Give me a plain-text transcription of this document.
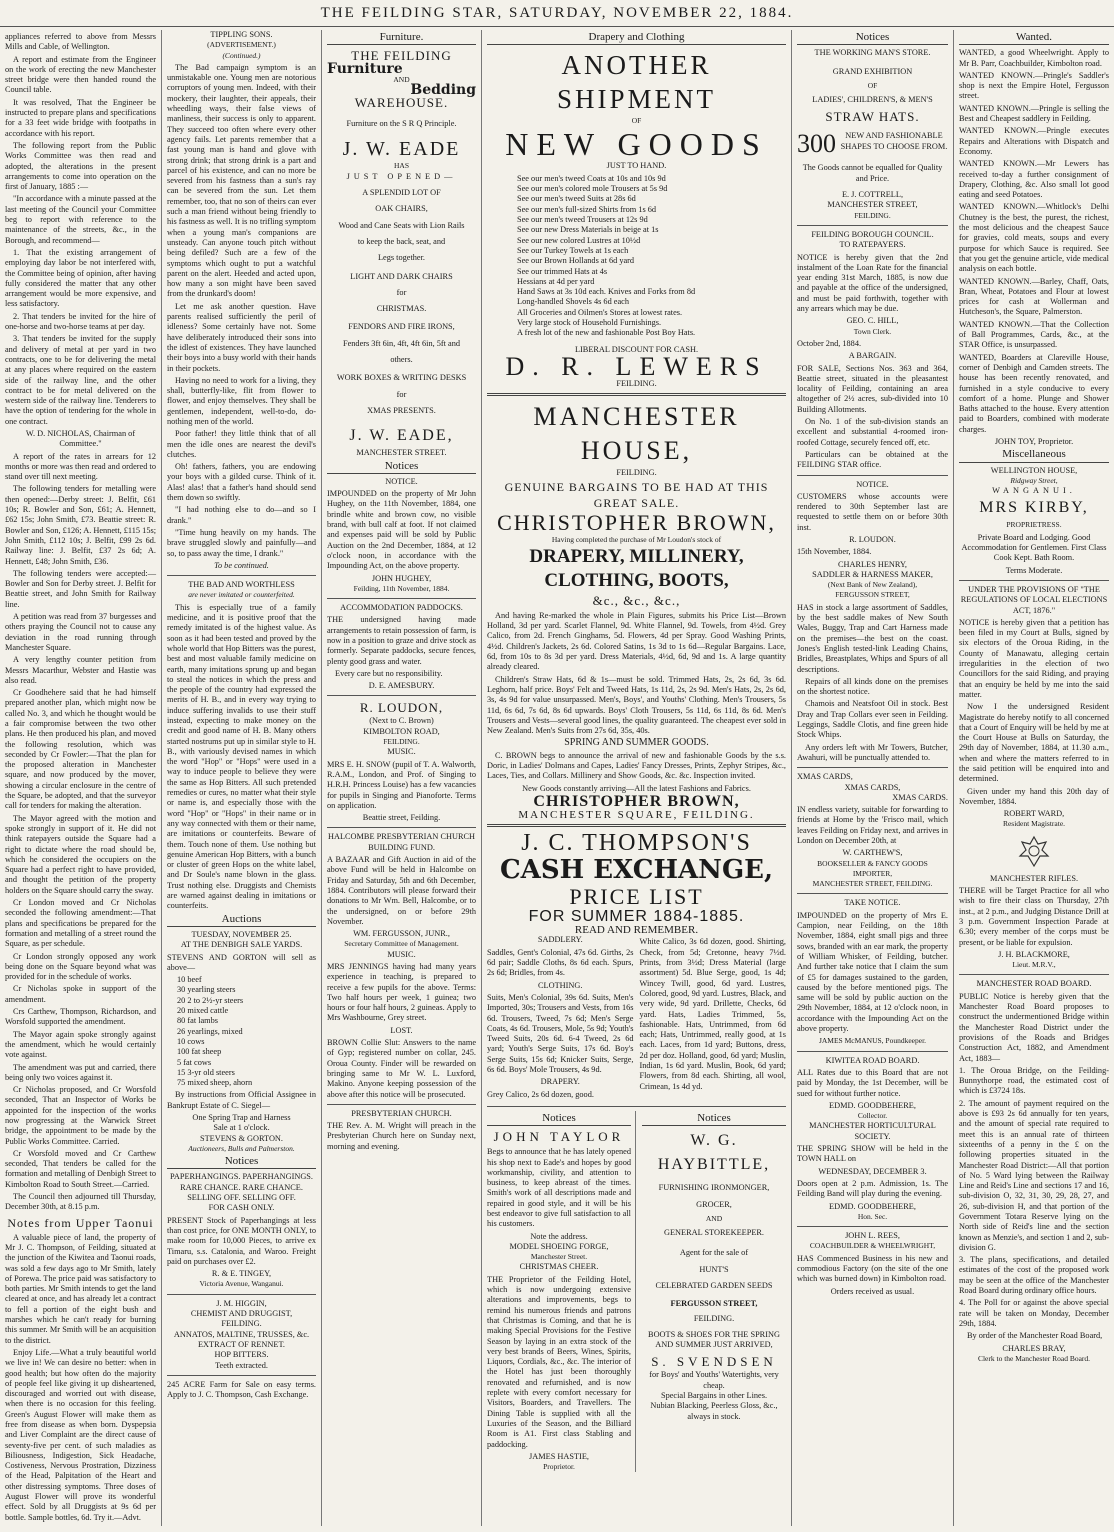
THE FEILDING STAR, SATURDAY, NOVEMBER 22, 1884.

appliances referred to above from Messrs Mills and Cable, of Wellington.

A report and estimate from the Engineer on the work of erecting the new Manchester street bridge were then handed round the Council table.

It was resolved, That the Engineer be instructed to prepare plans and specifications for a 33 feet wide bridge with footpaths in accordance with his report.

The following report from the Public Works Committee was then read and adopted, the alterations in the present arrangements to come into operation on the first of January, 1885 :—

"In accordance with a minute passed at the last meeting of the Council your Committee beg to report with reference to the maintenance of the streets, &c., in the Borough, and recommend—

1. That the existing arrangement of employing day labor be not interfered with, the Committee being of opinion, after having fully considered the matter that any other arrangement would be more expensive, and less satisfactory.

2. That tenders be invited for the hire of one-horse and two-horse teams at per day.

3. That tenders be invited for the supply and delivery of metal at per yard in two contracts, one to be for delivering the metal at any places where required on the eastern side of the railway line, and the other contract to be for metal delivered on the western side of the railway line. Tenderers to have the option of tendering for the whole in one contract.

W. D. NICHOLAS, Chairman of Committee."

A report of the rates in arrears for 12 months or more was then read and ordered to stand over till next meeting.

The following tenders for metalling were then opened:—Derby street: J. Belfit, £61 10s; R. Bowler and Son, £61; A. Hennett, £62 15s; John Smith, £73. Beattie street: R. Bowler and Son, £126; A. Hennett, £115 15s; John Smith, £112 10s; J. Belfit, £99 2s 6d. Railway line: J. Belfit, £37 2s 6d; A. Hennett, £48; John Smith, £36.

The following tenders were accepted:—Bowler and Son for Derby street. J. Belfit for Beattie street, and John Smith for Railway line.

A petition was read from 37 burgesses and others praying the Council not to cause any deviation in the road running through Manchester Square.

A very lengthy counter petition from Messrs Macarthur, Webster and Hastie was also read.

Cr Goodhehere said that he had himself prepared another plan, which might now be called No. 3, and which he thought would be a fair compromise between the two other plans. He then produced his plan, and moved the following resolution, which was seconded by Cr Fowler:—That the plan for the proposed alteration in Manchester square, and now produced by the mover, showing a circular enclosure in the centre of the Square, be adopted, and that the surveyor call for tenders for making the alteration.

The Mayor agreed with the motion and spoke strongly in support of it. He did not think ratepayers outside the Square had a right to dictate where the road should be, which he considered the occupiers on the Square had a perfect right to have provided, and thought the petition of the property holders on the Square should carry the sway.

Cr London moved and Cr Nicholas seconded the following amendment:—That plans and specifications be prepared for the formation and metalling of a street round the Square, as per schedule.

Cr London strongly opposed any work being done on the Square beyond what was provided for in the schedule of works.

Cr Nicholas spoke in support of the amendment.

Crs Carthew, Thompson, Richardson, and Worsfold supported the amendment.

The Mayor again spoke strongly against the amendment, which he would certainly vote against.

The amendment was put and carried, there being only two voices against it.

Cr Nicholas proposed, and Cr Worsfold seconded, That an Inspector of Works be appointed for the inspection of the works now progressing at the Warwick Street bridge, the appointment to be made by the Public Works Committee. Carried.

Cr Worsfold moved and Cr Carthew seconded, That tenders be called for the formation and metalling of Denbigh Street to Kimbolton Road to South Street.—Carried.

The Council then adjourned till Thursday, December 30th, at 8.15 p.m.

Notes from Upper Taonui

A valuable piece of land, the property of Mr J. C. Thompson, of Feilding, situated at the junction of the Kiwitea and Taonui roads, was sold a few days ago to Mr Smith, lately of Porewa. The price paid was satisfactory to both parties. Mr Smith intends to get the land cleared at once, and has already let a contract to fell a portion of the eight bush and marshes which he can't ready for burning this summer. Mr Smith will be an acquisition to the district.

Enjoy Life.—What a truly beautiful world we live in! We can desire no better: when in good health; but how often do the majority of people feel like giving it up disheartened, discouraged and worried out with disease, when there is no occasion for this feeling. Green's August Flower will make them as free from disease as when born. Dyspepsia and Liver Complaint are the direct cause of seventy-five per cent. of such maladies as Biliousness, Indigestion, Sick Headache, Costiveness, Nervous Prostration, Dizziness of the Head, Palpitation of the Heart and other distressing symptoms. Three doses of August Flower will prove its wonderful effect. Sold by all Druggists at 9s 6d per bottle. Sample bottles, 6d. Try it.—Advt.

TIPPLING SONS.
(ADVERTISEMENT.)
(Continued.)

The Bad campaign symptom is an unmistakable one. Young men are notorious corruptors of young men. Indeed, with their mockery, their laughter, their appeals, their wheedling ways, their false views of manliness, their success is only to apparent. They succeed too often where every other agency fails. Let parents remember that a fast young man is hand and glove with strong drink; that strong drink is a part and parcel of his existence, and can no more be severed from his fastness than a sun's ray can be severed from the sun. Let them remember, too, that no son of theirs can ever such a man friend without being friendly to his fastness as well. It is no trifling symptom when a young man's companions are unsteady. Can anyone touch pitch without being defiled? Such are a few of the symptoms which ought to put a watchful parent on the alert. Heeded and acted upon, how many a son might have been saved from the drunkard's doom!

Let me ask another question. Have parents realised sufficiently the peril of idleness? Some certainly have not. Some have deliberately introduced their sons into the idlest of existences. They have launched their boys into a busy world with their hands in their pockets.

Having no need to work for a living, they shall, butterfly-like, flit from flower to flower, and enjoy themselves. They shall be gentlemen, independent, well-to-do, do-nothing men of the world.

Poor father! they little think that of all men the idle ones are nearest the devil's clutches.

Oh! fathers, fathers, you are endowing your boys with a gilded curse. Think of it. Alas! alas! that a father's hand should send them down so swiftly.

"I had nothing else to do—and so I drank."

"Time hung heavily on my hands. The brave struggled slowly and painfully—and so, to pass away the time, I drank."

To be continued.
THE BAD AND WORTHLESS
are never imitated or counterfeited.

This is especially true of a family medicine, and it is positive proof that the remedy imitated is of the highest value. As soon as it had been tested and proved by the whole world that Hop Bitters was the purest, best and most valuable family medicine on earth, many imitations sprung up and began to steal the notices in which the press and the people of the country had expressed the merits of H. B., and in every way trying to induce suffering invalids to use their stuff instead, expecting to make money on the credit and good name of H. B. Many others started nostrums put up in similar style to H. B., with variously devised names in which the word "Hop" or "Hops" were used in a way to induce people to believe they were the same as Hop Bitters. All such pretended remedies or cures, no matter what their style or name is, and especially those with the word "Hop" or "Hops" in their name or in any way connected with them or their name, are imitations or counterfeits. Beware of them. Touch none of them. Use nothing but genuine American Hop Bitters, with a bunch or cluster of green Hops on the white label, and Dr Soule's name blown in the glass. Trust nothing else. Druggists and Chemists are warned against dealing in imitations or counterfeits.

Auctions
TUESDAY, NOVEMBER 25.
AT THE DENBIGH SALE YARDS.

STEVENS AND GORTON will sell as above—

10 beef
30 yearling steers
20 2 to 2½-yr steers
20 mixed cattle
80 fat lambs
26 yearlings, mixed
10 cows
100 fat sheep
5 fat cows
15 3-yr old steers
75 mixed sheep, ahorn

By instructions from Official Assignee in Bankrupt Estate of C. Siegel—

One Spring Trap and Harness
Sale at 1 o'clock.
STEVENS & GORTON.
Auctioneers, Bulls and Palmerston.
Notices
PAPERHANGINGS. PAPERHANGINGS.
RARE CHANCE. RARE CHANCE.
SELLING OFF. SELLING OFF.
FOR CASH ONLY.

PRESENT Stock of Paperhangings at less than cost price, for ONE MONTH ONLY, to make room for 10,000 Pieces, to arrive ex Timaru, s.s. Catalonia, and Waroo. Freight paid on purchases over £2.

R. & E. TINGEY,
Victoria Avenue, Wanganui.
J. M. HIGGIN,
CHEMIST AND DRUGGIST,
FEILDING.
ANNATOS, MALTINE, TRUSSES, &c.
EXTRACT OF RENNET.
HOP BITTERS.
Teeth extracted.

245 ACRE Farm for Sale on easy terms. Apply to J. C. Thompson, Cash Exchange.

Furniture.
THE FEILDING
Furniture
AND
Bedding
WAREHOUSE.
Furniture on the S R Q Principle.
J. W. EADE
HAS
JUST OPENED—
A SPLENDID LOT OF
OAK CHAIRS,
Wood and Cane Seats with Lion Rails
to keep the back, seat, and
Legs together.
LIGHT AND DARK CHAIRS
for
CHRISTMAS.
FENDORS AND FIRE IRONS,
Fenders 3ft 6in, 4ft, 4ft 6in, 5ft and
others.
WORK BOXES & WRITING DESKS
for
XMAS PRESENTS.
J. W. EADE,
MANCHESTER STREET.
Notices
NOTICE.

IMPOUNDED on the property of Mr John Hughey, on the 11th November, 1884, one brindle white and brown cow, no visible brand, with bull calf at foot. If not claimed and expenses paid will be sold by Public Auction on the 2nd December, 1884, at 12 o'clock noon, in accordance with the Impounding Act, on the above property.

JOHN HUGHEY,
Feilding, 11th November, 1884.
ACCOMMODATION PADDOCKS.

THE undersigned having made arrangements to retain possession of farm, is now in a position to graze and drive stock as formerly. Separate paddocks, secure fences, plenty good grass and water.

Every care but no responsibility.

D. E. AMESBURY.
R. LOUDON,
(Next to C. Brown)
KIMBOLTON ROAD,
FEILDING.
MUSIC.

MRS E. H. SNOW (pupil of T. A. Walworth, R.A.M., London, and Prof. of Singing to H.R.H. Princess Louise) has a few vacancies for pupils in Singing and Pianoforte. Terms on application.

Beattie street, Feilding.
HALCOMBE PRESBYTERIAN CHURCH BUILDING FUND.

A BAZAAR and Gift Auction in aid of the above Fund will be held in Halcombe on Friday and Saturday, 5th and 6th December, 1884. Contributors will please forward their donations to Mr Wm. Bell, Halcombe, or to the undersigned, on or before 29th November.

WM. FERGUSSON, JUNR.,
Secretary Committee of Management.
MUSIC.

MRS JENNINGS having had many years experience in teaching, is prepared to receive a few pupils for the above. Terms: Two half hours per week, 1 guinea; two hours or four half hours, 2 guineas. Apply to Mrs Washbourne, Grey street.

LOST.

BROWN Collie Slut: Answers to the name of Gyp; registered number on collar, 245. Oroua County. Finder will be rewarded on bringing same to Mr W. L. Luxford, Makino. Anyone keeping possession of the above after this notice will be prosecuted.

PRESBYTERIAN CHURCH.

THE Rev. A. M. Wright will preach in the Presbyterian Church here on Sunday next, morning and evening.

Drapery and Clothing
ANOTHER SHIPMENT
OF
NEW GOODS
JUST TO HAND.
See our men's tweed Coats at 10s and 10s 9d
See our men's colored mole Trousers at 5s 9d
See our men's tweed Suits at 28s 6d
See our men's full-sized Shirts from 1s 6d
See our men's tweed Trousers at 12s 9d
See our new Dress Materials in beige at 1s
See our new colored Lustres at 10½d
See our Turkey Towels at 1s each
See our Brown Hollands at 6d yard
See our trimmed Hats at 4s
Hessians at 4d per yard
Hand Saws at 3s 10d each. Knives and Forks from 8d
Long-handled Shovels 4s 6d each
All Groceries and Oilmen's Stores at lowest rates.
Very large stock of Household Furnishings.
A fresh lot of the new and fashionable Post Boy Hats.
LIBERAL DISCOUNT FOR CASH.
D. R. LEWERS
FEILDING.
MANCHESTER HOUSE,
FEILDING.
GENUINE BARGAINS TO BE HAD AT THIS GREAT SALE.
CHRISTOPHER BROWN,
Having completed the purchase of Mr Loudon's stock of
DRAPERY, MILLINERY, CLOTHING, BOOTS,
&c., &c., &c.,

And having Re-marked the whole in Plain Figures, submits his Price List—Brown Holland, 3d per yard. Scarlet Flannel, 9d. White Flannel, 9d. Towels, from 4½d. Grey Calico, from 2d. French Ginghams, 5d. Flowers, 4d per Spray. Good Washing Prints, 4½d. Children's Jackets, 2s 6d. Colored Satins, 1s 3d to 1s 6d—Regular Bargains. Lace, 6d, from 10s to 8s 3d per yard. Dress Materials, 4½d, 6d, 9d and 1s. A large quantity already cleared.

Children's Straw Hats, 6d & 1s—must be sold. Trimmed Hats, 2s, 2s 6d, 3s 6d. Leghorn, half price. Boys' Felt and Tweed Hats, 1s 11d, 2s, 2s 9d. Men's Hats, 2s, 2s 6d, 3s, 4s 9d for value unsurpassed. Men's, Boys', and Youths' Clothing. Men's Trousers, 5s 11d, 6s 6d, 7s 6d, 8s 6d upwards. Boys' Cloth Trousers, 5s 11d, 6s 11d, 8s 6d. Men's Trousers and Vests—several good lines, the quality guaranteed. The cheapest ever sold in New Zealand. Men's Suits from 27s 6d, 35s, 40s.

SPRING AND SUMMER GOODS.

C. BROWN begs to announce the arrival of new and fashionable Goods by the s.s. Doric, in Ladies' Dolmans and Capes, Ladies' Fancy Dresses, Prints, Zephyr Stripes, &c., Laces, Ties, and Collars. Millinery and Show Goods, &c. &c. Inspection invited.

New Goods constantly arriving—All the latest Fashions and Fabrics.
CHRISTOPHER BROWN,
MANCHESTER SQUARE, FEILDING.
J. C. THOMPSON'S
CASH EXCHANGE,
PRICE LIST
FOR SUMMER 1884-1885.
READ AND REMEMBER.
SADDLERY.

Saddles, Gent's Colonial, 47s 6d. Girths, 2s 6d pair; Saddle Cloths, 8s 6d each. Spurs, 2s 6d; Bridles, from 4s.

CLOTHING.

Suits, Men's Colonial, 39s 6d. Suits, Men's Imported, 30s; Trousers and Vests, from 16s 6d. Trousers, Tweed, 7s 6d; Men's Serge Coats, 4s 6d. Trousers, Mole, 5s 9d; Youth's Tweed Suits, 20s 6d. 6-4 Tweed, 2s 6d yard; Youth's Serge Suits, 17s 6d. Boy's Serge Suits, 15s 6d; Knicker Suits, Serge, 6s 6d. Boys' Mole Trousers, 4s 9d.

DRAPERY.

Grey Calico, 2s 6d dozen, good.

White Calico, 3s 6d dozen, good. Shirting, Check, from 5d; Cretonne, heavy 7½d. Prints, from 3½d; Dress Material (large assortment) 5d. Blue Serge, good, 1s 4d; Wincey Twill, good, 6d yard. Lustres, Colored, good, 9d yard. Lustres, Black, and very wide, 9d yard. Drillette, Checks, 6d yard. Hats, Ladies Trimmed, 5s, fashionable. Hats, Untrimmed, from 6d each; Hats, Untrimmed, really good, at 1s each. Laces, from 1d yard; Buttons, dress, 2d per doz. Holland, good, 6d yard; Muslin, Indian, 1s 6d yard. Muslin, Book, 6d yard; Flowers, from 8d each. Shirting, all wool, Crimean, 1s 4d yd.

Notices
JOHN TAYLOR

Begs to announce that he has lately opened his shop next to Eade's and hopes by good workmanship, civility, and attention to business, to keep abreast of the times. Smith's work of all descriptions made and repaired in good style, and it will be his best endeavor to give full satisfaction to all his customers.

Note the address.
MODEL SHOEING FORGE,
Manchester Street.
CHRISTMAS CHEER.

THE Proprietor of the Feilding Hotel, which is now undergoing extensive alterations and improvements, begs to remind his numerous friends and patrons that Christmas is Coming, and that he is making Special Provisions for the Festive Season by laying in an extra stock of the very best brands of Beers, Wines, Spirits, Liquors, Cordials, &c., &c. The interior of the Hotel has just been thoroughly renovated and refurnished, and is now replete with every comfort necessary for Visitors, Boarders, and Travellers. The Dining Table is supplied with all the Luxuries of the Season, and the Billiard Room is A1. First class Stabling and paddocking.

JAMES HASTIE,
Proprietor.
Notices
W. G. HAYBITTLE,
FURNISHING IRONMONGER,
GROCER,
AND
GENERAL STOREKEEPER.
Agent for the sale of
HUNT'S
CELEBRATED GARDEN SEEDS
FERGUSSON STREET,
FEILDING.
BOOTS & SHOES FOR THE SPRING AND SUMMER JUST ARRIVED,
S. SVENDSEN
for Boys' and Youths' Watertights, very cheap.
Special Bargains in other Lines.
Nubian Blacking, Peerless Gloss, &c., always in stock.
Notices
THE WORKING MAN'S STORE.
GRAND EXHIBITION
OF
LADIES', CHILDREN'S, & MEN'S
STRAW HATS.
300	NEW AND FASHIONABLE
SHAPES TO CHOOSE FROM.

The Goods cannot be equalled for Quality and Price.

E. J. COTTRELL,
MANCHESTER STREET,
FEILDING.
FEILDING BOROUGH COUNCIL.
TO RATEPAYERS.

NOTICE is hereby given that the 2nd instalment of the Loan Rate for the financial year ending 31st March, 1885, is now due and payable at the office of the undersigned, and must be paid forthwith, together with any arrears which may be due.

GEO. C. HILL,
Town Clerk.

October 2nd, 1884.

A BARGAIN.

FOR SALE, Sections Nos. 363 and 364, Beattie street, situated in the pleasantest locality of Feilding, containing an area altogether of 2½ acres, sub-divided into 10 Building Allotments.

On No. 1 of the sub-division stands an excellent and substantial 4-roomed iron-roofed Cottage, securely fenced off, etc.

Particulars can be obtained at the FEILDING STAR office.

NOTICE.

CUSTOMERS whose accounts were rendered to 30th September last are requested to settle them on or before 30th inst.

R. LOUDON.

15th November, 1884.

CHARLES HENRY,
SADDLER & HARNESS MAKER,
(Next Bank of New Zealand),
FERGUSSON STREET,

HAS in stock a large assortment of Saddles, by the best saddle makes of New South Wales, Buggy, Trap and Cart Harness made on the premises—the best on the coast. Jones's English tested-link Leading Chains, Bridles, Breastplates, Whips and Spurs of all descriptions.

Repairs of all kinds done on the premises on the shortest notice.

Chamois and Neatsfoot Oil in stock. Best Dray and Trap Collars ever seen in Feilding. Leggings, Saddle Clotis, and fine green hide Stock Whips.

Any orders left with Mr Towers, Butcher, Awahuri, will be punctually attended to.

XMAS CARDS,
XMAS CARDS,
XMAS CARDS.

IN endless variety, suitable for forwarding to friends at Home by the 'Frisco mail, which leaves Feilding on Friday next, and arrives in London on December 20th, at

W. CARTHEW'S,
BOOKSELLER & FANCY GOODS IMPORTER,
MANCHESTER STREET, FEILDING.
TAKE NOTICE.

IMPOUNDED on the property of Mrs E. Campion, near Feilding, on the 18th November, 1884, eight small pigs and three sows, branded with an ear mark, the property of William Whisker, of Feilding, butcher. And further take notice that I claim the sum of £5 for damages sustained to the garden, caused by the before mentioned pigs. The same will be sold by public auction on the 29th November, 1884, at 12 o'clock noon, in accordance with the Impounding Act on the above property.

JAMES McMANUS, Poundkeeper.
KIWITEA ROAD BOARD.

ALL Rates due to this Board that are not paid by Monday, the 1st December, will be sued for without further notice.

EDMD. GOODBEHERE,
Collector.
MANCHESTER HORTICULTURAL SOCIETY.

THE SPRING SHOW will be held in the TOWN HALL on

WEDNESDAY, DECEMBER 3.

Doors open at 2 p.m. Admission, 1s. The Feilding Band will play during the evening.

EDMD. GOODBEHERE,
Hon. Sec.
JOHN L. REES,
COACHBUILDER & WHEELWRIGHT,

HAS Commenced Business in his new and commodious Factory (on the site of the one which was burned down) in Kimbolton road.

Orders received as usual.
Wanted.

WANTED, a good Wheelwright. Apply to Mr B. Parr, Coachbuilder, Kimbolton road.

WANTED KNOWN.—Pringle's Saddler's shop is next the Empire Hotel, Fergusson street.

WANTED KNOWN.—Pringle is selling the Best and Cheapest saddlery in Feilding.

WANTED KNOWN.—Pringle executes Repairs and Alterations with Dispatch and Economy.

WANTED KNOWN.—Mr Lewers has received to-day a further consignment of Drapery, Clothing, &c. Also small lot good eating and seed Potatoes.

WANTED KNOWN.—Whitlock's Delhi Chutney is the best, the purest, the richest, the most delicious and the cheapest Sauce for gravies, cold meats, soups and every purpose for which Sauce is required. See that you get the genuine article, vide medical analysis on each bottle.

WANTED KNOWN.—Barley, Chaff, Oats, Bran, Wheat, Potatoes and Flour at lowest prices for cash at Wollerman and Hutcheson's, the Square, Palmerston.

WANTED KNOWN.—That the Collection of Ball Programmes, Cards, &c., at the STAR Office, is unsurpassed.

WANTED, Boarders at Clareville House, corner of Denbigh and Camden streets. The house has been recently renovated, and furnished in a style conducive to every comfort of a home. Plunge and Shower Baths attached to the house. Every attention paid to Boarders, combined with moderate charges.

JOHN TOY, Proprietor.
Miscellaneous
WELLINGTON HOUSE,
Ridgway Street,
WANGANUI.
MRS KIRBY,
PROPRIETRESS.

Private Board and Lodging. Good Accommodation for Gentlemen. First Class Cook Kept. Bath Room.

Terms Moderate.
UNDER THE PROVISIONS OF "THE REGULATIONS OF LOCAL ELECTIONS ACT, 1876."

NOTICE is hereby given that a petition has been filed in my Court at Bulls, signed by six electors of the Oroua Riding, in the County of Manawatu, alleging certain irregularities in the election of two Councillors for the said Riding, and praying that an enquiry be held by me into the said matter.

Now I the undersigned Resident Magistrate do hereby notify to all concerned that a Court of Enquiry will be held by me at the Court House at Bulls on Saturday, the 29th day of November, 1884, at 11.30 a.m., when and where the matters referred to in the said petition will be enquired into and determined.

Given under my hand this 20th day of November, 1884.

ROBERT WARD,
Resident Magistrate.
MANCHESTER RIFLES.

THERE will be Target Practice for all who wish to fire their class on Thursday, 27th inst., at 2 p.m., and Judging Distance Drill at 3 p.m. Government Inspection Parade at 6.30; every member of the corps must be present, or be liable for expulsion.

J. H. BLACKMORE,
Lieut. M.R.V.,
MANCHESTER ROAD BOARD.

PUBLIC Notice is hereby given that the Manchester Road Board proposes to construct the undermentioned Bridge within the Manchester Road District under the provisions of the Roads and Bridges Construction Act, 1882, and Amendment Act, 1883—

1. The Oroua Bridge, on the Feilding-Bunnythorpe road, the estimated cost of which is £3724 18s.

2. The amount of payment required on the above is £93 2s 6d annually for ten years, and the amount of special rate required to meet this is an annual rate of thirteen sixteenths of a penny in the £ on the following properties situated in the Manchester Road District:—All that portion of No. 5 Ward lying between the Railway Line and Reid's Line and sections 17 and 16, sub-division O, 32, 31, 30, 29, 28, 27, and 26, sub-division H, and that portion of the Government Totara Reserve lying on the North side of Reid's line and the section known as Menzie's, and section 1 and 2, sub-division G.

3. The plans, specifications, and detailed estimates of the cost of the proposed work may be seen at the office of the Manchester Road Board during ordinary office hours.

4. The Poll for or against the above special rate will be taken on Monday, December 29th, 1884.

By order of the Manchester Road Board,

CHARLES BRAY,
Clerk to the Manchester Road Board.
